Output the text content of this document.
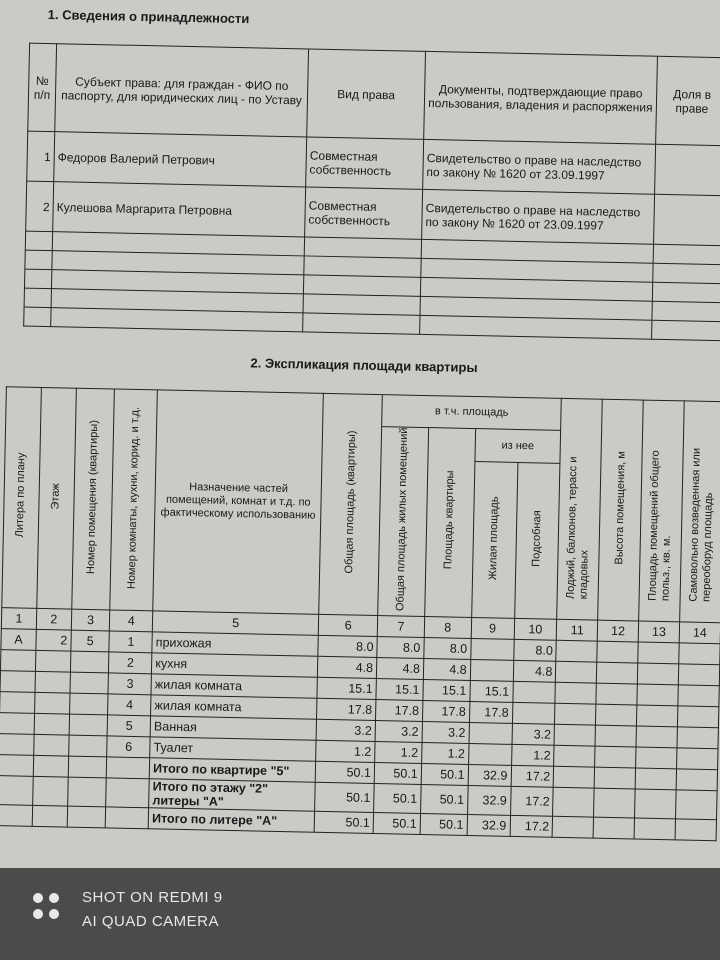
1. Сведения о принадлежности
№ п/п	Субъект права: для граждан - ФИО по паспорту, для юридических лиц - по Уставу	Вид права	Документы, подтверждающие право пользования, владения и распоряжения	Доля в праве
1	Федоров Валерий Петрович	Совместная собственность	Свидетельство о праве на наследство по закону № 1620 от 23.09.1997	
2	Кулешова Маргарита Петровна	Совместная собственность	Свидетельство о праве на наследство по закону № 1620 от 23.09.1997	

2. Экспликация площади квартиры
Литера по плану	Этаж	Номер помещения (квартиры)	Номер комнаты, кухни, корид. и т.д.	Назначение частей помещений, комнат и т.д. по фактическому использованию	Общая площадь (квартиры)	в т.ч. площадь				Лоджий, балконов, терасс и кладовых	Высота помещения, м	Площадь помещений общего польз., кв. м.	Самовольно возведенная или переоборуд площадь
						Общая площадь жилых помещений	Площадь квартиры	из нее					
								Жилая площадь	Подсобная				
1	2	3	4	5	6	7	8	9	10	11	12	13	14
А	2	5	1	прихожая	8.0	8.0	8.0		8.0				
			2	кухня	4.8	4.8	4.8		4.8				
			3	жилая комната	15.1	15.1	15.1	15.1					
			4	жилая комната	17.8	17.8	17.8	17.8					
			5	Ванная	3.2	3.2	3.2		3.2				
			6	Туалет	1.2	1.2	1.2		1.2				
				Итого по квартире "5"	50.1	50.1	50.1	32.9	17.2				
				Итого по этажу "2" литеры "А"	50.1	50.1	50.1	32.9	17.2				
				Итого по литере "А"	50.1	50.1	50.1	32.9	17.2				
SHOT ON REDMI 9
AI QUAD CAMERA
